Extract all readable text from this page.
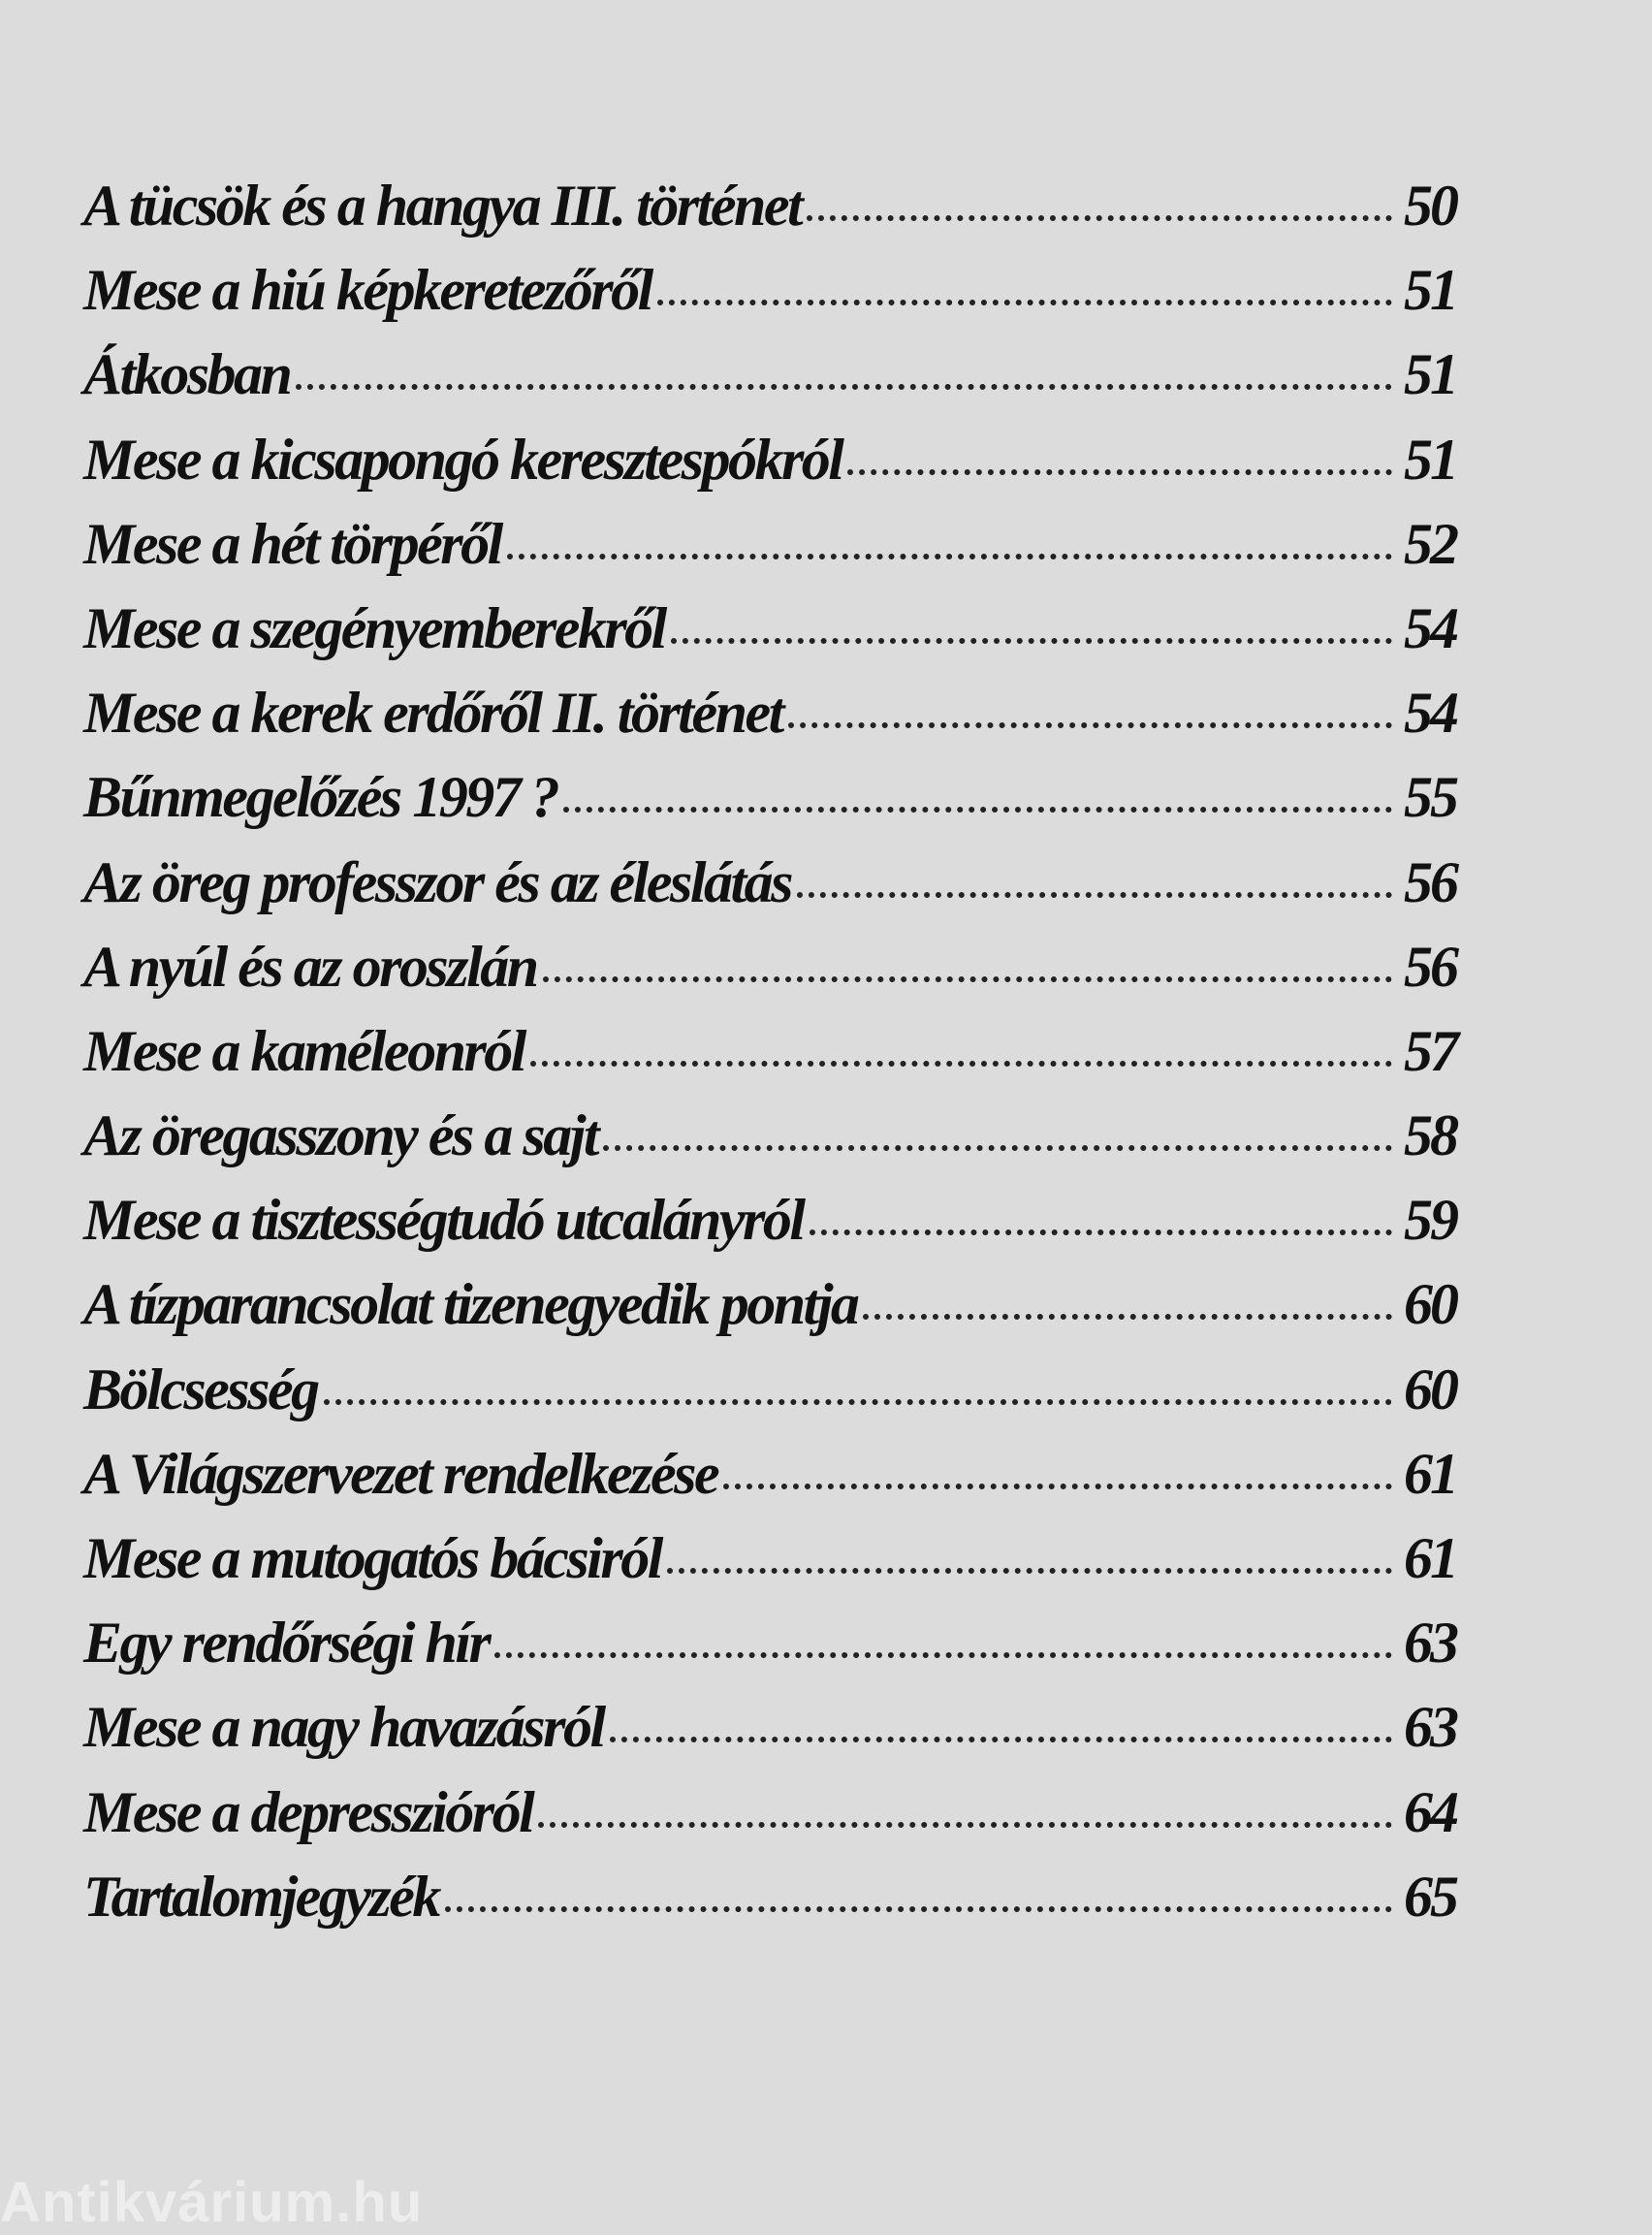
A tücsök és a hangya III. történet	50
Mese a hiú képkeretezőről	51
Átkosban	51
Mese a kicsapongó keresztespókról	51
Mese a hét törpéről	52
Mese a szegényemberekről	54
Mese a kerek erdőről II. történet	54
Bűnmegelőzés 1997 ?	55
Az öreg professzor és az éleslátás	56
A nyúl és az oroszlán	56
Mese a kaméleonról	57
Az öregasszony és a sajt	58
Mese a tisztességtudó utcalányról	59
A tízparancsolat tizenegyedik pontja	60
Bölcsesség	60
A Világszervezet rendelkezése	61
Mese a mutogatós bácsiról	61
Egy rendőrségi hír	63
Mese a nagy havazásról	63
Mese a depresszióról	64
Tartalomjegyzék	65
Antikvárium.hu
